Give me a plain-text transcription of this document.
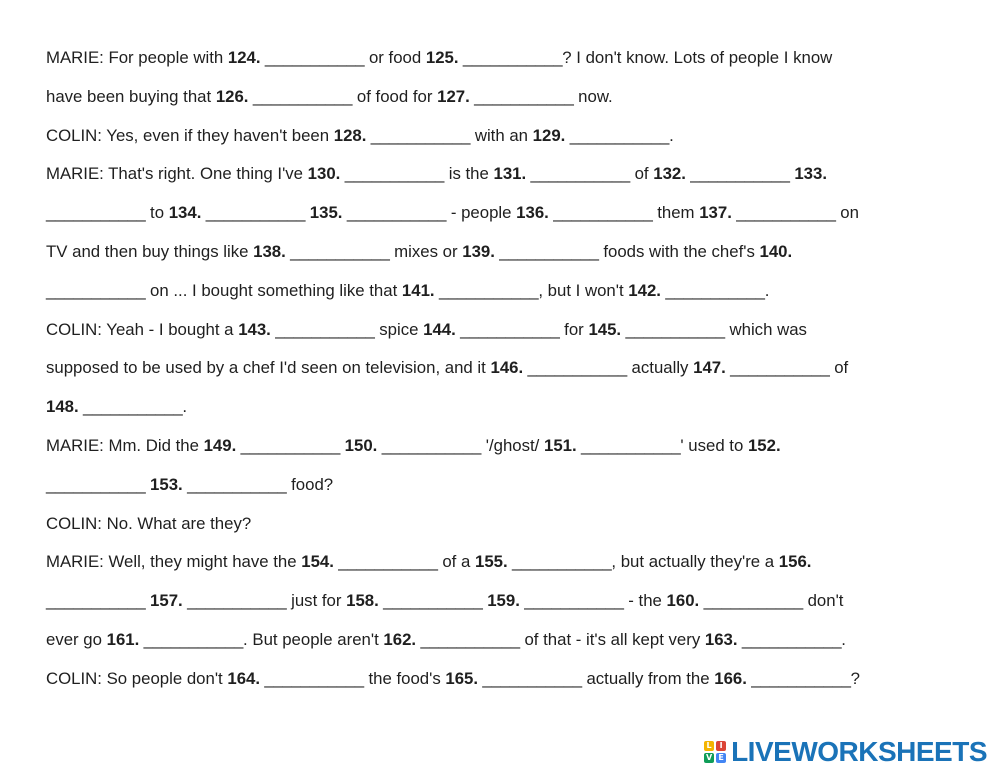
MARIE: For people with 124. ___________ or food 125. ___________? I don't know. Lots of people I know
have been buying that 126. ___________ of food for 127. ___________ now.
COLIN: Yes, even if they haven't been 128. ___________ with an 129. ___________.
MARIE: That's right. One thing I've 130. ___________ is the 131. ___________ of 132. ___________ 133.
___________ to 134. ___________ 135. ___________ - people 136. ___________ them 137. ___________ on
TV and then buy things like 138. ___________ mixes or 139. ___________ foods with the chef's 140.
___________ on ... I bought something like that 141. ___________, but I won't 142. ___________.
COLIN: Yeah - I bought a 143. ___________ spice 144. ___________ for 145. ___________ which was
supposed to be used by a chef I'd seen on television, and it 146. ___________ actually 147. ___________ of
148. ___________.
MARIE: Mm. Did the 149. ___________ 150. ___________ '/ghost/ 151. ___________' used to 152.
___________ 153. ___________ food?
COLIN: No. What are they?
MARIE: Well, they might have the 154. ___________ of a 155. ___________, but actually they're a 156.
___________ 157. ___________ just for 158. ___________ 159. ___________ - the 160. ___________ don't
ever go 161. ___________. But people aren't 162. ___________ of that - it's all kept very 163. ___________.
COLIN: So people don't 164. ___________ the food's 165. ___________ actually from the 166. ___________?
L I
V E LIVEWORKSHEETS
